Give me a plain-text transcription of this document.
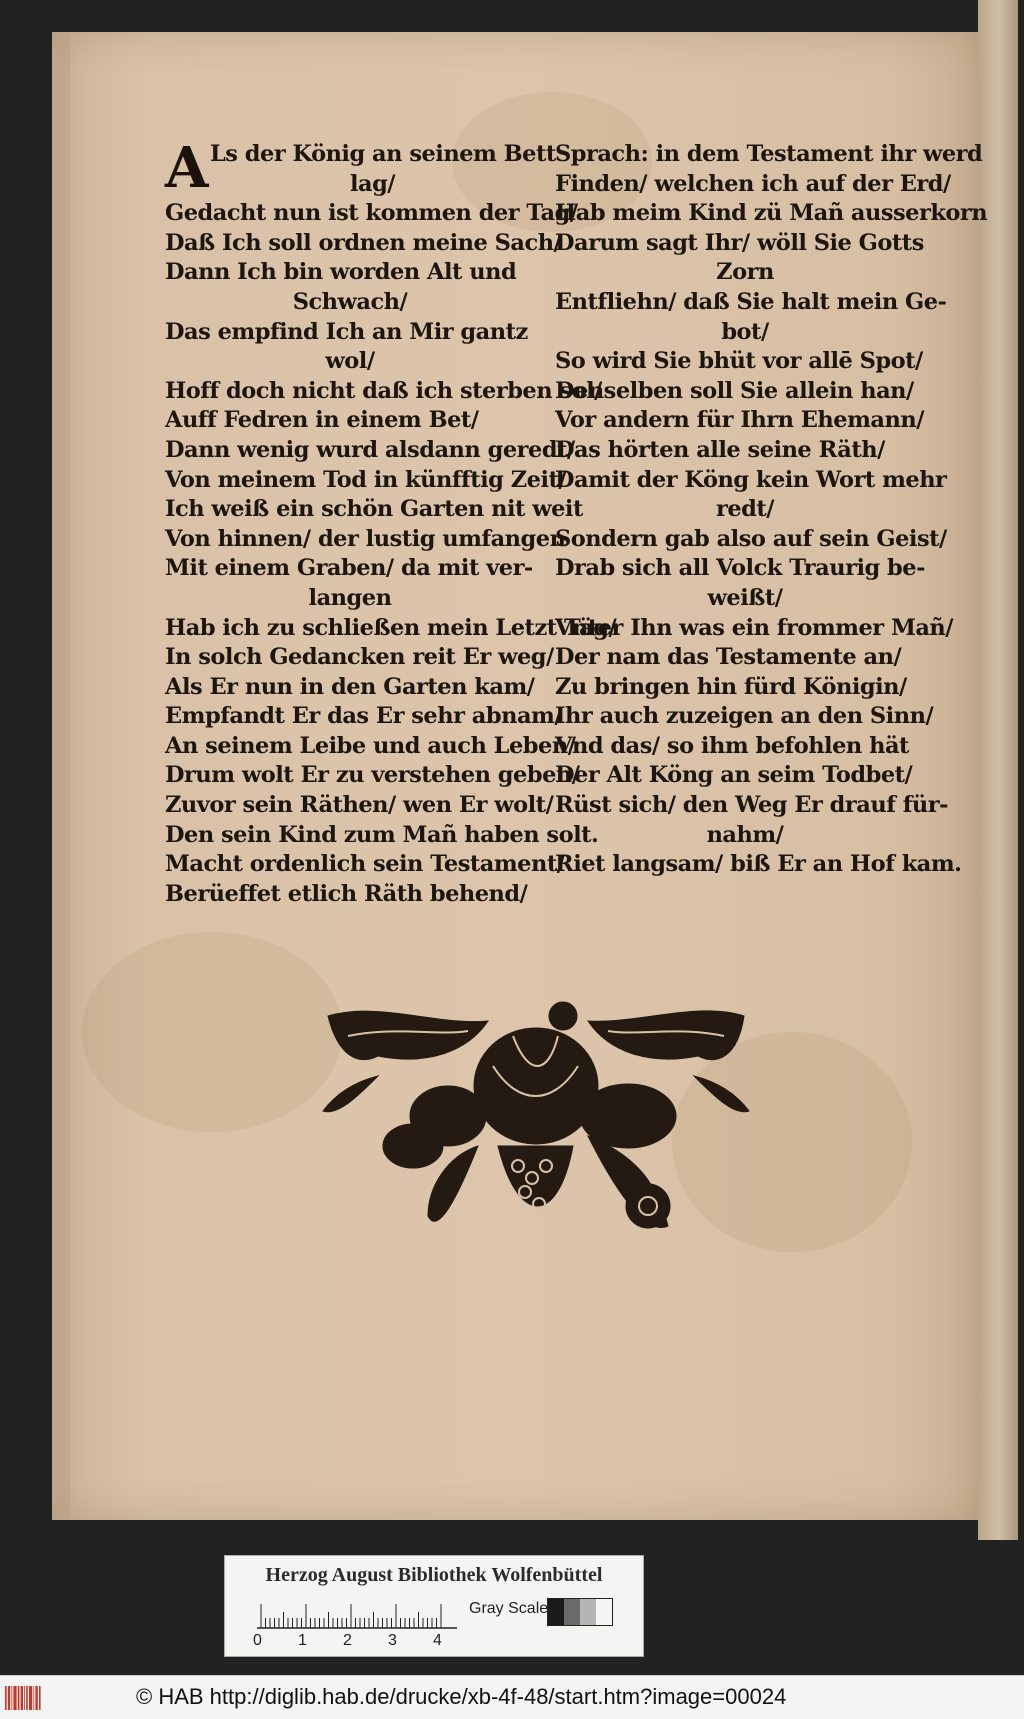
A Ls der König an seinem Bett
lag/
Gedacht nun ist kommen der Tag/
Daß Ich soll ordnen meine Sach/
Dann Ich bin worden Alt und
Schwach/
Das empfind Ich an Mir gantz
wol/
Hoff doch nicht daß ich sterben sol/
Auff Fedren in einem Bet/
Dann wenig wurd alsdann geredt/
Von meinem Tod in künfftig Zeit/
Ich weiß ein schön Garten nit weit
Von hinnen/ der lustig umfangen
Mit einem Graben/ da mit ver-
langen
Hab ich zu schließen mein Letzt Täg/
In solch Gedancken reit Er weg/
Als Er nun in den Garten kam/
Empfandt Er das Er sehr abnam/
An seinem Leibe und auch Leben/
Drum wolt Er zu verstehen geben/
Zuvor sein Räthen/ wen Er wolt/
Den sein Kind zum Mañ haben solt.
Macht ordenlich sein Testament/
Berüeffet etlich Räth behend/
Sprach: in dem Testament ihr werd
Finden/ welchen ich auf der Erd/
Hab meim Kind zü Mañ ausserkorn
Darum sagt Ihr/ wöll Sie Gotts
Zorn
Entfliehn/ daß Sie halt mein Ge-
bot/
So wird Sie bhüt vor allē Spot/
Denselben soll Sie allein han/
Vor andern für Ihrn Ehemann/
Das hörten alle seine Räth/
Damit der Köng kein Wort mehr
redt/
Sondern gab also auf sein Geist/
Drab sich all Volck Traurig be-
weißt/
Vnter Ihn was ein frommer Mañ/
Der nam das Testamente an/
Zu bringen hin fürd Königin/
Ihr auch zuzeigen an den Sinn/
Vnd das/ so ihm befohlen hät
Der Alt Köng an seim Todbet/
Rüst sich/ den Weg Er drauf für-
nahm/
Riet langsam/ biß Er an Hof kam.
Herzog August Bibliothek Wolfenbüttel
0 1 2 3 4
Gray Scale
© HAB http://diglib.hab.de/drucke/xb-4f-48/start.htm?image=00024
